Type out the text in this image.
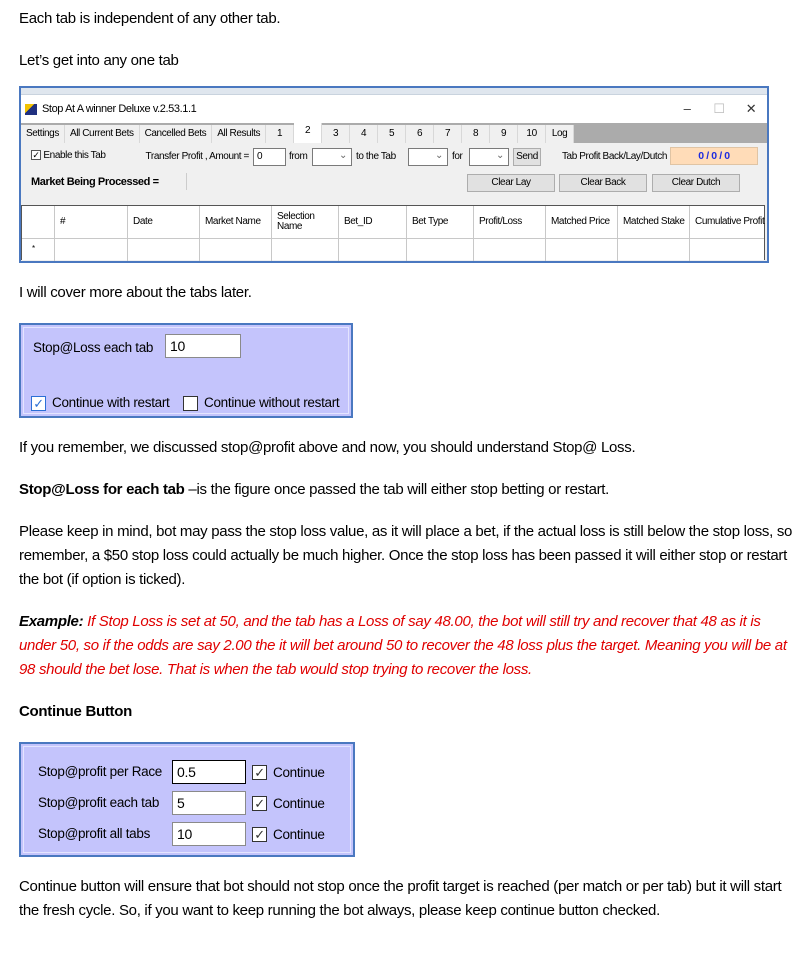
Each tab is independent of any other tab.
Let’s get into any one tab
Stop At A winner Deluxe v.2.53.1.1	–	☐	✕
Settings	All Current Bets	Cancelled Bets	All Results	1	2	3	4	5	6	7	8	9	10	Log
✓ Enable this Tab	Transfer Profit , Amount = 0	from ⌄	to the Tab ⌄	for ⌄	Send	Tab Profit Back/Lay/Dutch	0 / 0 / 0
Market Being Processed =	Clear Lay	Clear Back	Clear Dutch
*
#	Date	Market Name	Selection Name	Bet_ID	Bet Type	Profit/Loss	Matched Price	Matched Stake	Cumulative Profit
I will cover more about the tabs later.
Stop@Loss each tab	10
✓ Continue with restart	Continue without restart
If you remember, we discussed stop@profit above and now, you should understand Stop@ Loss.
Stop@Loss for each tab –is the figure once passed the tab will either stop betting or restart.
Please keep in mind, bot may pass the stop loss value, as it will place a bet, if the actual loss is still below the stop loss, so remember, a $50 stop loss could actually be much higher. Once the stop loss has been passed it will either stop or restart the bot (if option is ticked).
Example: If Stop Loss is set at 50, and the tab has a Loss of say 48.00, the bot will still try and recover that 48 as it is under 50, so if the odds are say 2.00 the it will bet around 50 to recover the 48 loss plus the target. Meaning you will be at 98 should the bet lose. That is when the tab would stop trying to recover the loss.
Continue Button
Stop@profit per Race	0.5	✓ Continue
Stop@profit each tab	5	✓ Continue
Stop@profit all tabs	10	✓ Continue
Continue button will ensure that bot should not stop once the profit target is reached (per match or per tab) but it will start the fresh cycle. So, if you want to keep running the bot always, please keep continue button checked.
